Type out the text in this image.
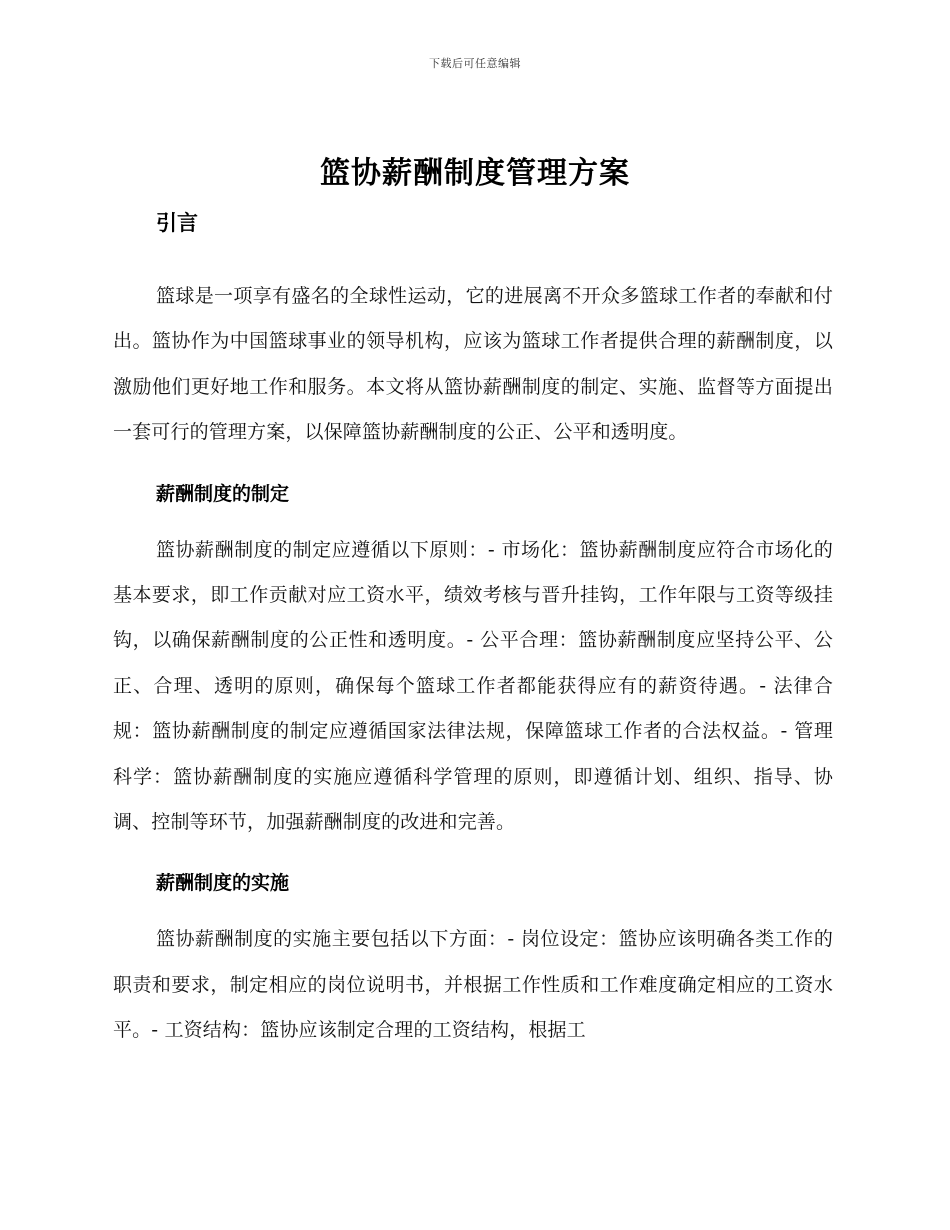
下载后可任意编辑
篮协薪酬制度管理方案
引言

篮球是一项享有盛名的全球性运动，它的进展离不开众多篮球工作者的奉献和付出。篮协作为中国篮球事业的领导机构，应该为篮球工作者提供合理的薪酬制度，以激励他们更好地工作和服务。本文将从篮协薪酬制度的制定、实施、监督等方面提出一套可行的管理方案，以保障篮协薪酬制度的公正、公平和透明度。

薪酬制度的制定

篮协薪酬制度的制定应遵循以下原则：- 市场化：篮协薪酬制度应符合市场化的基本要求，即工作贡献对应工资水平，绩效考核与晋升挂钩，工作年限与工资等级挂钩，以确保薪酬制度的公正性和透明度。- 公平合理：篮协薪酬制度应坚持公平、公正、合理、透明的原则，确保每个篮球工作者都能获得应有的薪资待遇。- 法律合规：篮协薪酬制度的制定应遵循国家法律法规，保障篮球工作者的合法权益。- 管理科学：篮协薪酬制度的实施应遵循科学管理的原则，即遵循计划、组织、指导、协调、控制等环节，加强薪酬制度的改进和完善。

薪酬制度的实施

篮协薪酬制度的实施主要包括以下方面：- 岗位设定：篮协应该明确各类工作的职责和要求，制定相应的岗位说明书，并根据工作性质和工作难度确定相应的工资水平。- 工资结构：篮协应该制定合理的工资结构，根据工
